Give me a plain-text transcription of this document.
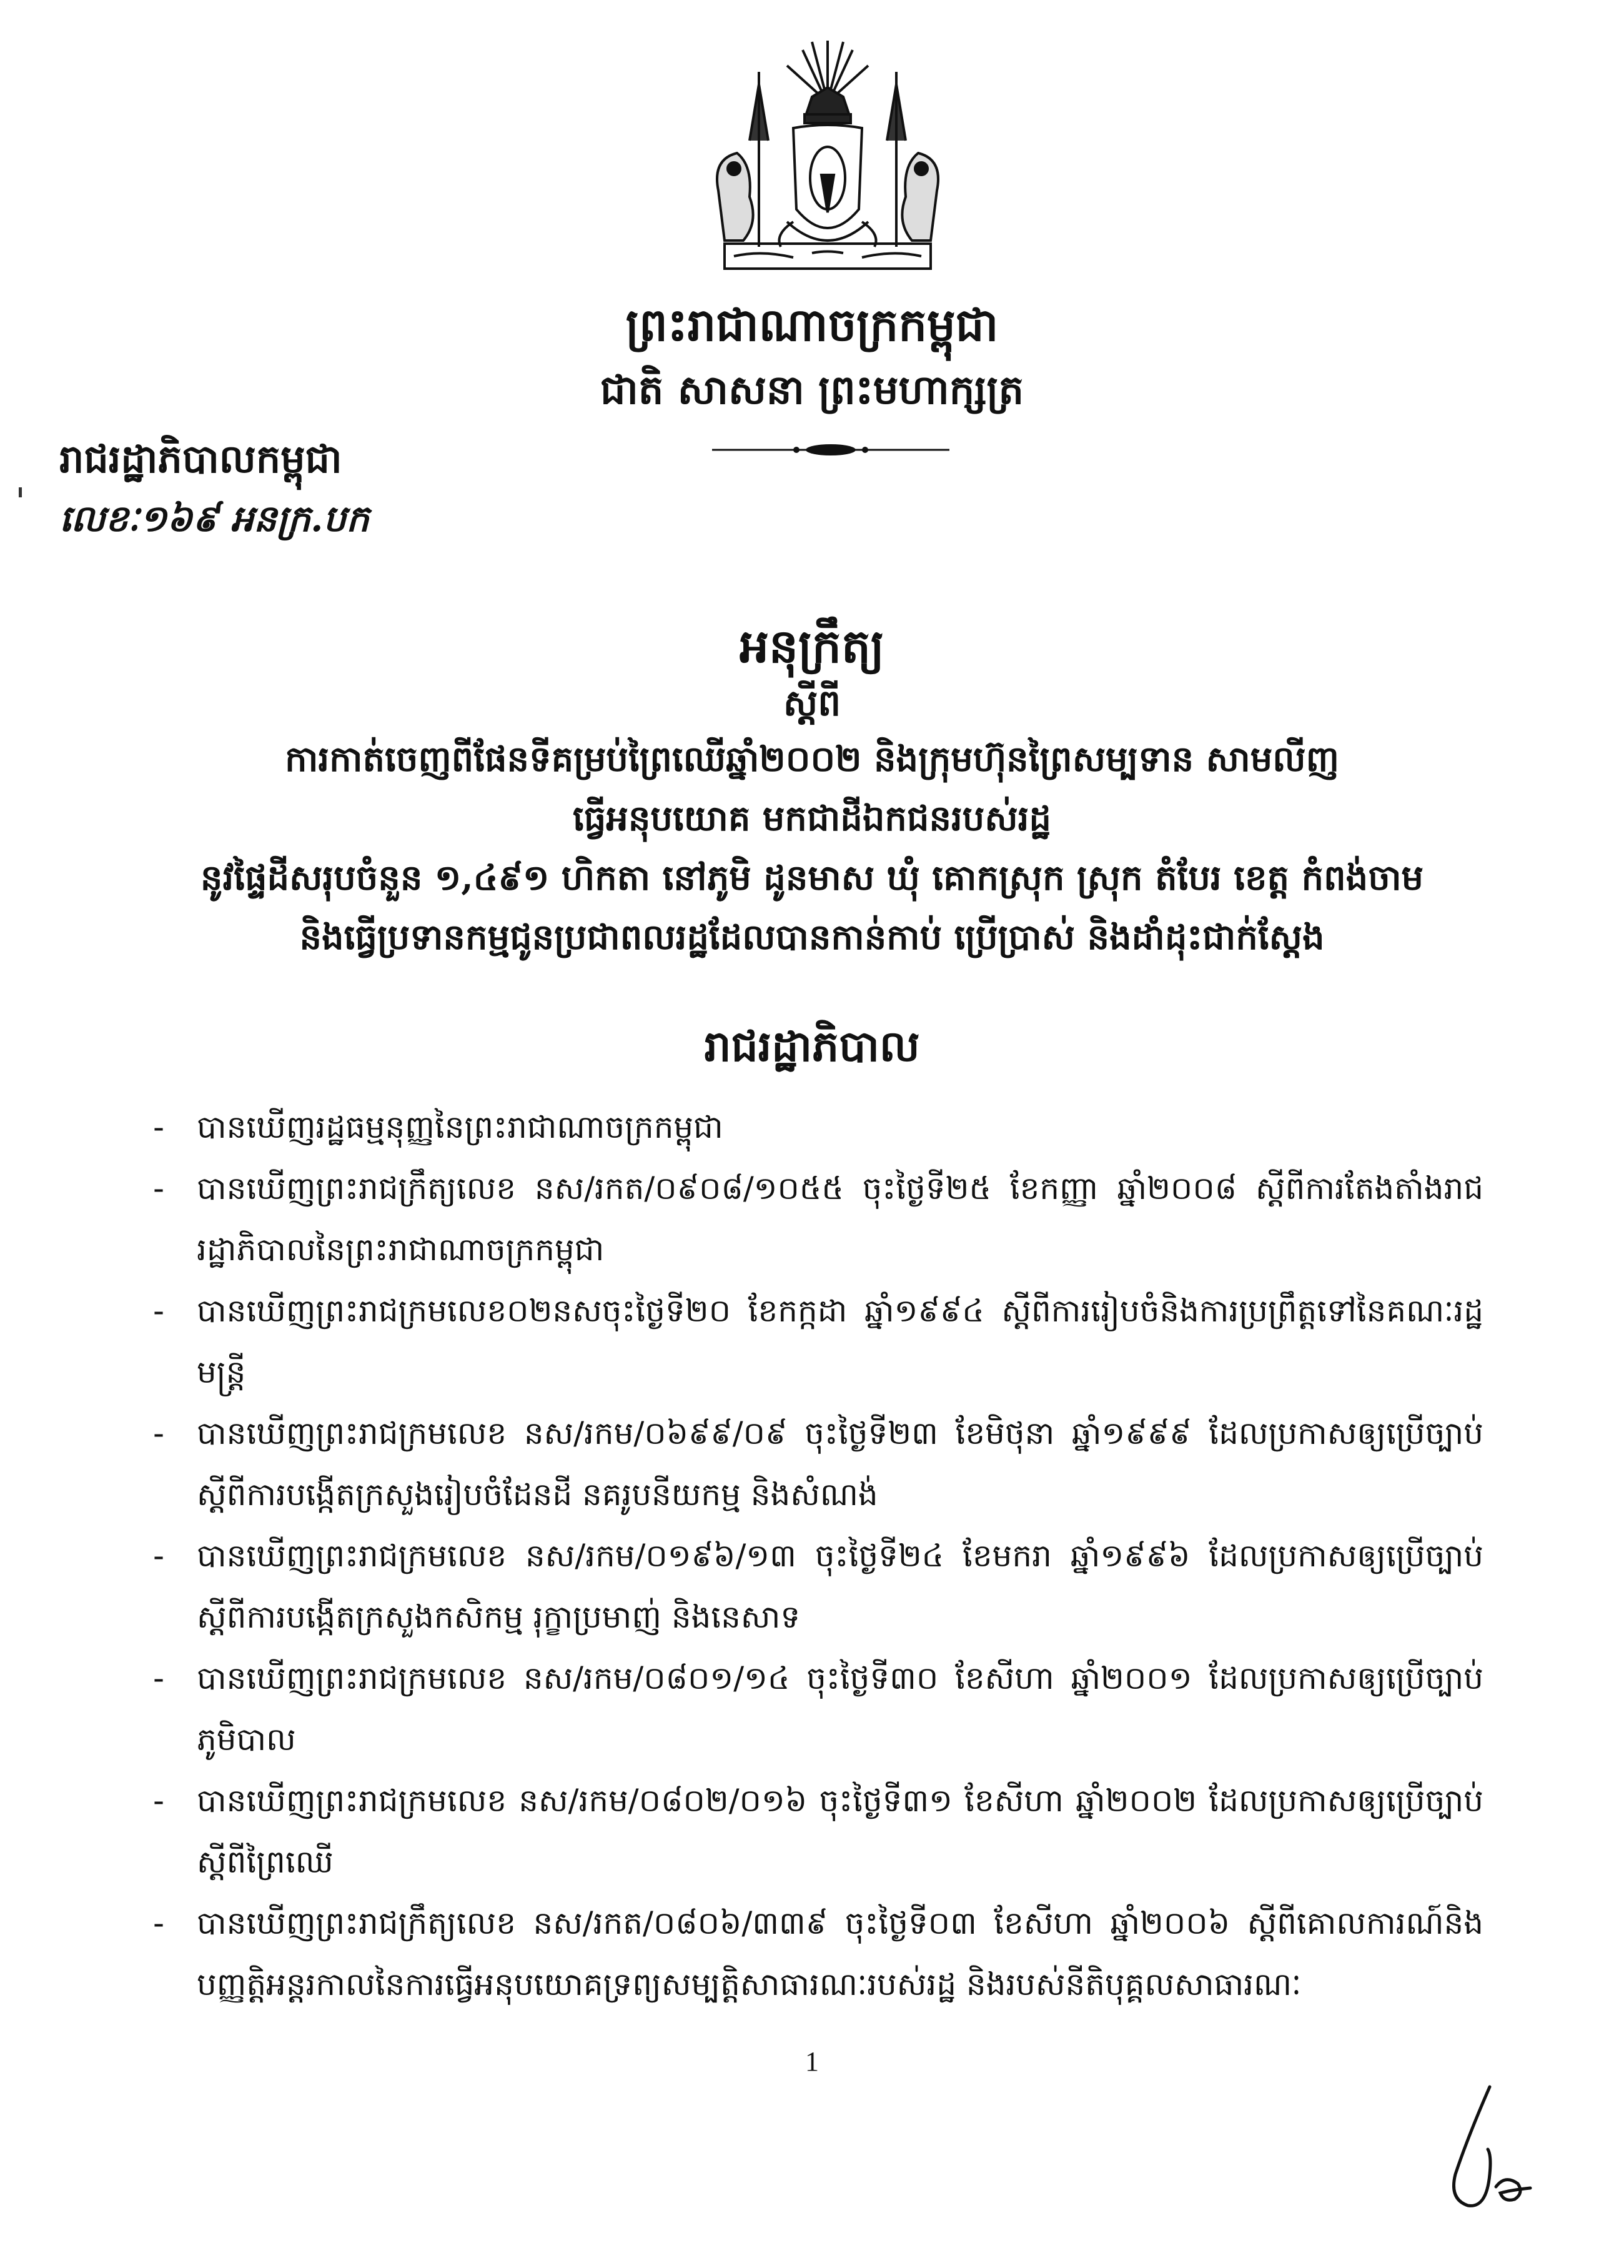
ព្រះរាជាណាចក្រកម្ពុជា
ជាតិ សាសនា ព្រះមហាក្សត្រ
រាជរដ្ឋាភិបាលកម្ពុជា
លេខៈ១៦៩ អនក្រ.បក
អនុក្រឹត្យ
ស្តីពី
ការកាត់ចេញពីផែនទីគម្រប់ព្រៃឈើឆ្នាំ២០០២ និងក្រុមហ៊ុនព្រៃសម្បទាន សាមលីញ
ធ្វើអនុបយោគ មកជាដីឯកជនរបស់រដ្ឋ
នូវផ្ទៃដីសរុបចំនួន ១,៤៩១ ហិកតា នៅភូមិ ដូនមាស ឃុំ គោកស្រុក ស្រុក តំបែរ ខេត្ត កំពង់ចាម
និងធ្វើប្រទានកម្មជូនប្រជាពលរដ្ឋដែលបានកាន់កាប់ ប្រើប្រាស់ និងដាំដុះជាក់ស្តែង
រាជរដ្ឋាភិបាល
- បានឃើញរដ្ឋធម្មនុញ្ញនៃព្រះរាជាណាចក្រកម្ពុជា
- បានឃើញព្រះរាជក្រឹត្យលេខ នស/រកត/០៩០៨/១០៥៥ ចុះថ្ងៃទី២៥ ខែកញ្ញា ឆ្នាំ២០០៨ ស្តីពីការតែងតាំងរាជរដ្ឋាភិបាលនៃព្រះរាជាណាចក្រកម្ពុជា
- បានឃើញព្រះរាជក្រមលេខ០២នសចុះថ្ងៃទី២០ ខែកក្កដា ឆ្នាំ១៩៩៤ ស្តីពីការរៀបចំនិងការប្រព្រឹត្តទៅនៃគណៈរដ្ឋមន្ត្រី
- បានឃើញព្រះរាជក្រមលេខ នស/រកម/០៦៩៩/០៩ ចុះថ្ងៃទី២៣ ខែមិថុនា ឆ្នាំ១៩៩៩ ដែលប្រកាសឲ្យប្រើច្បាប់ស្តីពីការបង្កើតក្រសួងរៀបចំដែនដី នគរូបនីយកម្ម និងសំណង់
- បានឃើញព្រះរាជក្រមលេខ នស/រកម/០១៩៦/១៣ ចុះថ្ងៃទី២៤ ខែមករា ឆ្នាំ១៩៩៦ ដែលប្រកាសឲ្យប្រើច្បាប់ស្តីពីការបង្កើតក្រសួងកសិកម្ម រុក្ខាប្រមាញ់ និងនេសាទ
- បានឃើញព្រះរាជក្រមលេខ នស/រកម/០៨០១/១៤ ចុះថ្ងៃទី៣០ ខែសីហា ឆ្នាំ២០០១ ដែលប្រកាសឲ្យប្រើច្បាប់ភូមិបាល
- បានឃើញព្រះរាជក្រមលេខ នស/រកម/០៨០២/០១៦ ចុះថ្ងៃទី៣១ ខែសីហា ឆ្នាំ២០០២ ដែលប្រកាសឲ្យប្រើច្បាប់ស្តីពីព្រៃឈើ
- បានឃើញព្រះរាជក្រឹត្យលេខ នស/រកត/០៨០៦/៣៣៩ ចុះថ្ងៃទី០៣ ខែសីហា ឆ្នាំ២០០៦ ស្តីពីគោលការណ៍និងបញ្ញត្តិអន្តរកាលនៃការធ្វើអនុបយោគទ្រព្យសម្បត្តិសាធារណៈរបស់រដ្ឋ និងរបស់នីតិបុគ្គលសាធារណៈ
1
